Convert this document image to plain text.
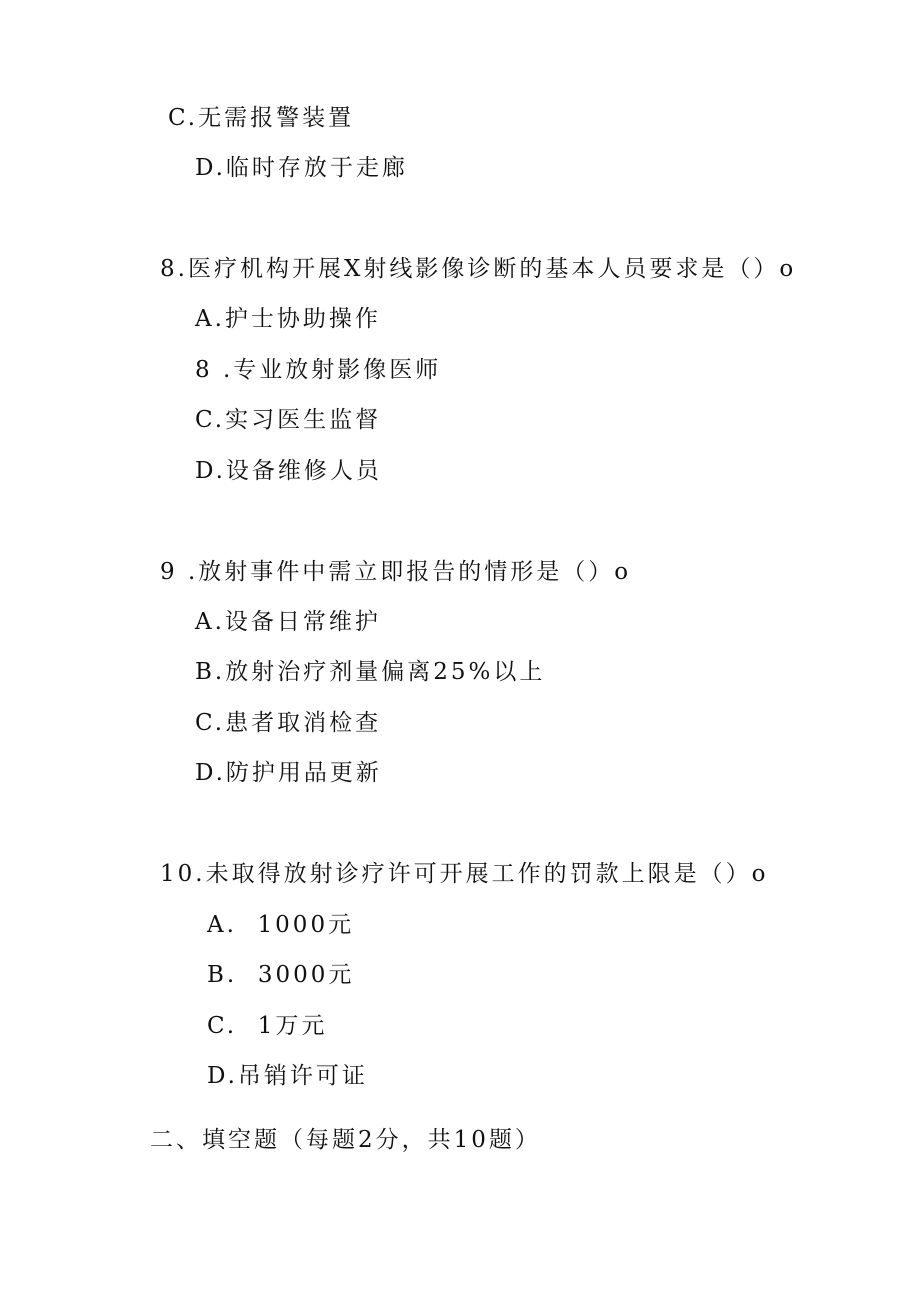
C.无需报警装置
D.临时存放于走廊
8.医疗机构开展X射线影像诊断的基本人员要求是（）o
A.护士协助操作
8 .专业放射影像医师
C.实习医生监督
D.设备维修人员
9 .放射事件中需立即报告的情形是（）o
A.设备日常维护
B.放射治疗剂量偏离25%以上
C.患者取消检查
D.防护用品更新
10.未取得放射诊疗许可开展工作的罚款上限是（）o
A.  1000元
B.  3000元
C.  1万元
D.吊销许可证
二、填空题（每题2分，共10题）
